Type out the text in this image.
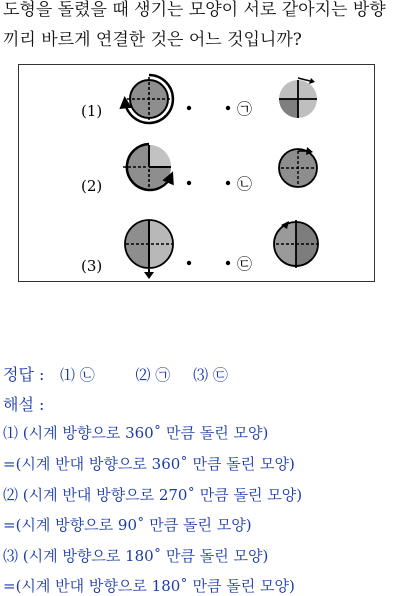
도형을 돌렸을 때 생기는 모양이 서로 같아지는 방향
끼리 바르게 연결한 것은 어느 것입니까?
(1)	㉠
(2)	㉡
(3)	㉢
정답 : ⑴ ㉡	⑵ ㉠ ⑶ ㉢
해설 :
⑴ (시계 방향으로 360˚ 만큼 돌린 모양)
=(시계 반대 방향으로 360˚ 만큼 돌린 모양)
⑵ (시계 반대 방향으로 270˚ 만큼 돌린 모양)
=(시계 방향으로 90˚ 만큼 돌린 모양)
⑶ (시계 방향으로 180˚ 만큼 돌린 모양)
=(시계 반대 방향으로 180˚ 만큼 돌린 모양)
